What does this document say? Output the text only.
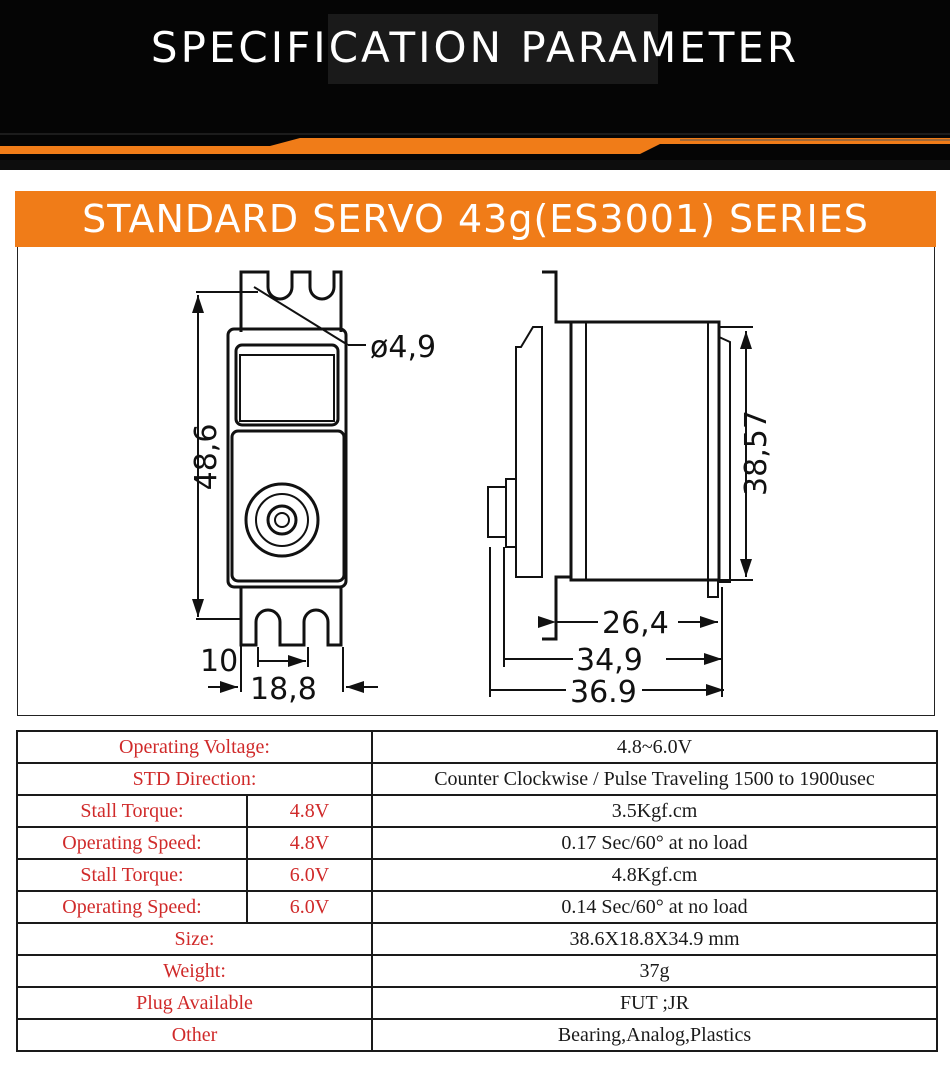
SPECIFICATION PARAMETER
STANDARD SERVO 43g(ES3001) SERIES
ø4,9
48,6
10
18,8
38,57
26,4
34,9
36.9
Operating Voltage:		4.8~6.0V
STD Direction:		Counter Clockwise / Pulse Traveling 1500 to 1900usec
Stall Torque:	4.8V	3.5Kgf.cm
Operating Speed:	4.8V	0.17 Sec/60° at no load
Stall Torque:	6.0V	4.8Kgf.cm
Operating Speed:	6.0V	0.14 Sec/60° at no load
Size:		38.6X18.8X34.9 mm
Weight:		37g
Plug Available		FUT ;JR
Other		Bearing,Analog,Plastics
